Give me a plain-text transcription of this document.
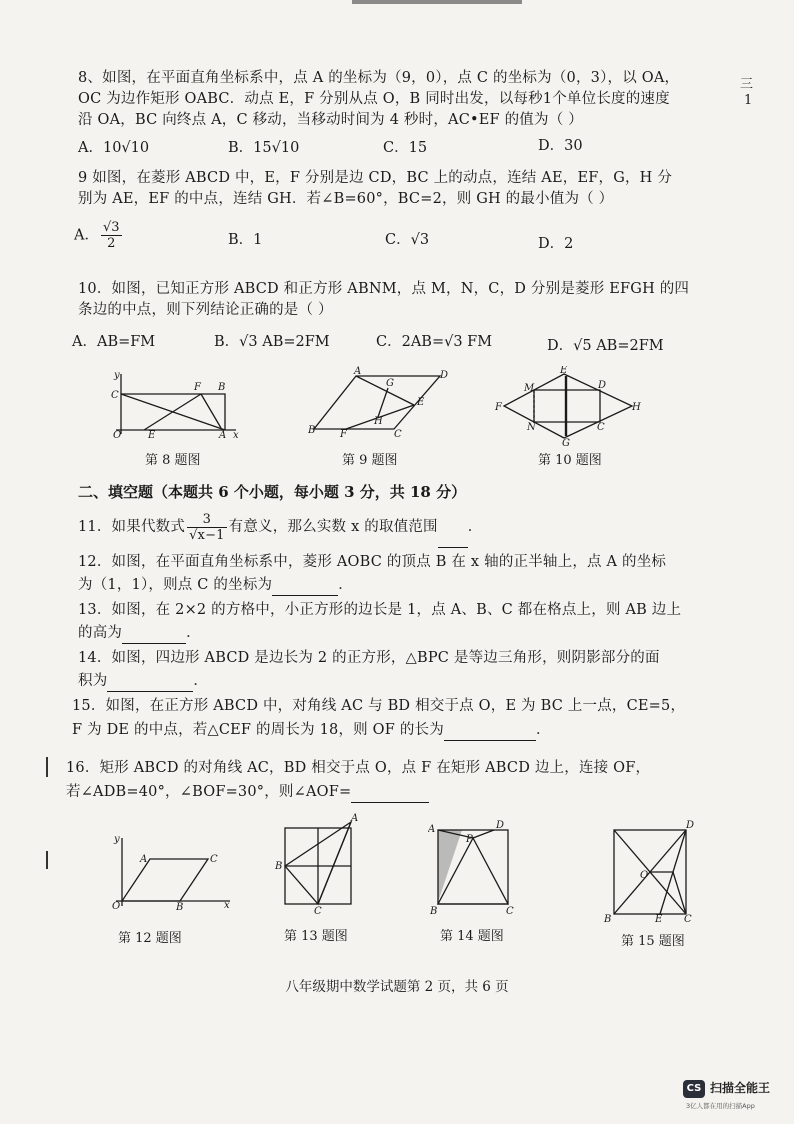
三
1
8、如图，在平面直角坐标系中，点 A 的坐标为（9，0），点 C 的坐标为（0，3），以 OA，
OC 为边作矩形 OABC．动点 E，F 分别从点 O，B 同时出发，以每秒1个单位长度的速度
沿 OA，BC 向终点 A，C 移动，当移动时间为 4 秒时，AC•EF 的值为（ ）
A．10√10	B．15√10	C．15	D．30
9 如图，在菱形 ABCD 中，E，F 分别是边 CD，BC 上的动点，连结 AE，EF，G，H 分
别为 AE，EF 的中点，连结 GH．若∠B=60°，BC=2，则 GH 的最小值为（ ）
A． $\frac{√3}{2}$	B．1	C．√3	D．2
10．如图，已知正方形 ABCD 和正方形 ABNM，点 M，N，C，D 分别是菱形 EFGH 的四
条边的中点，则下列结论正确的是（ ）
A．AB=FM	B．√3 AB=2FM	C．2AB=√3 FM	D．√5 AB=2FM
y
C
F B
O	E	A x
A	D
G
E
H
B F	C
E
M	D
F	H
N	C
G
第 8 题图	第 9 题图	第 10 题图
二、填空题（本题共 6 个小题，每小题 3 分，共 18 分）
11．如果代数式 $\frac{3}{√x-1}$ 有意义，那么实数 x 的取值范围 ．
12．如图，在平面直角坐标系中，菱形 AOBC 的顶点 B 在 x 轴的正半轴上，点 A 的坐标
为（1，1），则点 C 的坐标为	．
13．如图，在 2×2 的方格中，小正方形的边长是 1，点 A、B、C 都在格点上，则 AB 边上
的高为	．
14．如图，四边形 ABCD 是边长为 2 的正方形，△BPC 是等边三角形，则阴影部分的面
积为	．
15．如图，在正方形 ABCD 中，对角线 AC 与 BD 相交于点 O，E 为 BC 上一点，CE=5，
F 为 DE 的中点，若△CEF 的周长为 18，则 OF 的长为	．
16．矩形 ABCD 的对角线 AC，BD 相交于点 O，点 F 在矩形 ABCD 边上，连接 OF，
若∠ADB=40°，∠BOF=30°，则∠AOF=
y
A	C
O	B	x
A
B
C
A
P
D
B	C
D
O
B	E C
第 12 题图	第 13 题图	第 14 题图	第 15 题图
八年级期中数学试题第 2 页，共 6 页
CS 扫描全能王
3亿人都在用的扫描App
